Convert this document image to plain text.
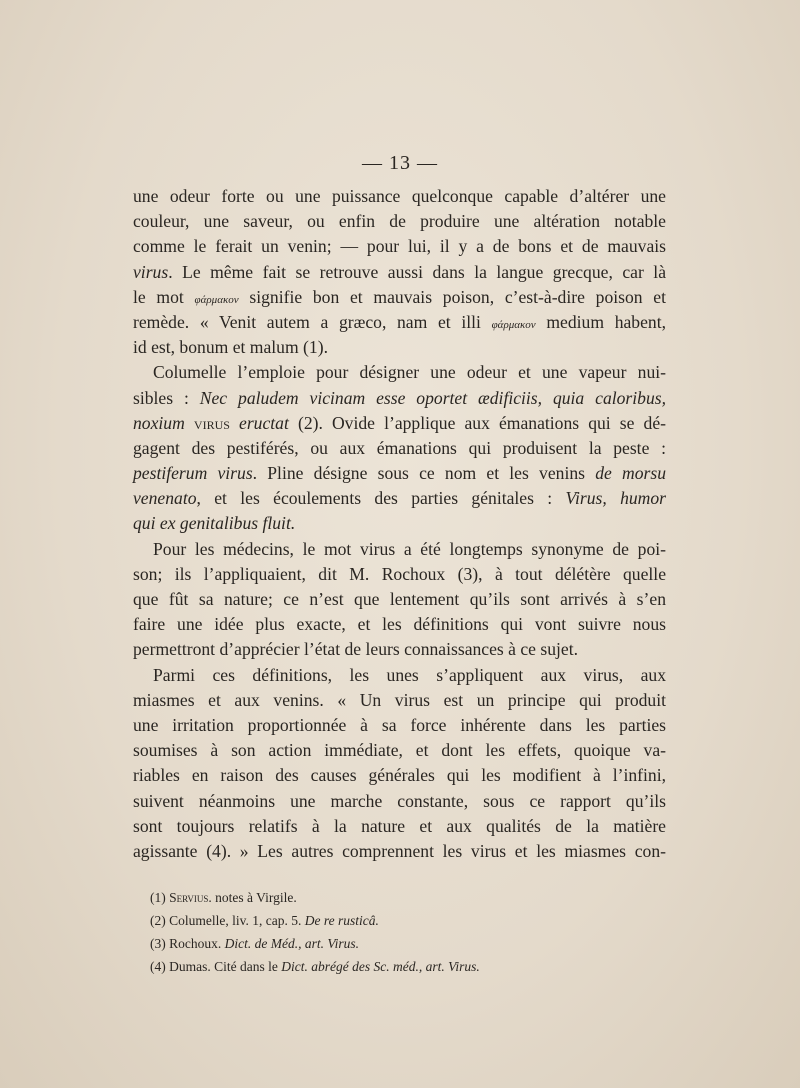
— 13 —
une odeur forte ou une puissance quelconque capable d’altérer une
couleur, une saveur, ou enfin de produire une altération notable
comme le ferait un venin; — pour lui, il y a de bons et de mauvais
virus. Le même fait se retrouve aussi dans la langue grecque, car là
le mot φάρμακον signifie bon et mauvais poison, c’est-à-dire poison et
remède. « Venit autem a græco, nam et illi φάρμακον medium habent,
id est, bonum et malum (1).
Columelle l’emploie pour désigner une odeur et une vapeur nui-
sibles : Nec paludem vicinam esse oportet ædificiis, quia caloribus,
noxium virus eructat (2). Ovide l’applique aux émanations qui se dé-
gagent des pestiférés, ou aux émanations qui produisent la peste :
pestiferum virus. Pline désigne sous ce nom et les venins de morsu
venenato, et les écoulements des parties génitales : Virus, humor
qui ex genitalibus fluit.
Pour les médecins, le mot virus a été longtemps synonyme de poi-
son; ils l’appliquaient, dit M. Rochoux (3), à tout délétère quelle
que fût sa nature; ce n’est que lentement qu’ils sont arrivés à s’en
faire une idée plus exacte, et les définitions qui vont suivre nous
permettront d’apprécier l’état de leurs connaissances à ce sujet.
Parmi ces définitions, les unes s’appliquent aux virus, aux
miasmes et aux venins. « Un virus est un principe qui produit
une irritation proportionnée à sa force inhérente dans les parties
soumises à son action immédiate, et dont les effets, quoique va-
riables en raison des causes générales qui les modifient à l’infini,
suivent néanmoins une marche constante, sous ce rapport qu’ils
sont toujours relatifs à la nature et aux qualités de la matière
agissante (4). » Les autres comprennent les virus et les miasmes con-
(1) Servius. notes à Virgile.
(2) Columelle, liv. 1, cap. 5. De re rusticâ.
(3) Rochoux. Dict. de Méd., art. Virus.
(4) Dumas. Cité dans le Dict. abrégé des Sc. méd., art. Virus.
